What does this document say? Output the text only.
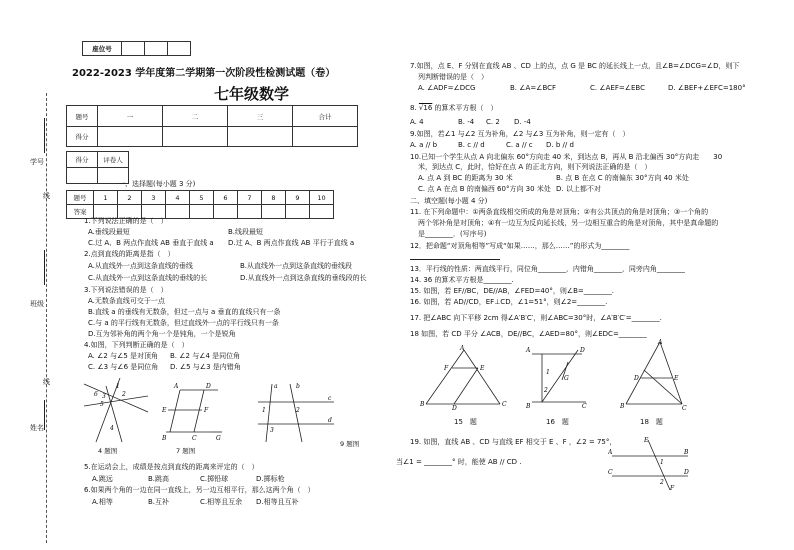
座位号			
2022-2023 学年度第二学期第一次阶段性检测试题（卷）
七年级数学
学号
线
班级
线
姓名
题号	一	二	三	合计
得分				
得分	评卷人

一、选择题(每小题 3 分)
题号	1	2	3	4	5	6	7	8	9	10
答案										
1.下列说法正确的是（　）
A.垂线段最短	B.线段最短
C.过 A、B 两点作直线 AB 垂直于直线 a D.过 A、B 两点作直线 AB 平行于直线 a
2.点到直线的距离是指（　）
A.从直线外一点到这条直线的垂线	B.从直线外一点到这条直线的垂线段
C.从直线外一点到这条直线的垂线的长	D.从直线外一点到这条直线的垂线段的长
3.下列说法错误的是（　）
A.无数条直线可交于一点
B.直线 a 的垂线有无数条，但过一点与 a 垂直的直线只有一条
C.与 a 的平行线有无数条，但过直线外一点的平行线只有一条
D.互为邻补角的两个角一个是钝角，一个是锐角
4.如图，下列判断正确的是（　）
A. ∠2 与∠5 是对顶角 B. ∠2 与∠4 是同位角
C. ∠3 与∠6 是同位角 D. ∠5 与∠3 是内错角
1
2
3
6
5
4
4 题图
A	D
E	F
B	C	G
7 题图
a	b
c
d
1	2
3
9 题图
5.在运动会上，成绩是按点到直线的距离来评定的（　）
A.跳远	B.跳高	C.掷铅球	D.掷标枪
6.如果两个角的一边在同一直线上，另一边互相平行，那么这两个角（　）
A.相等	B.互补	C.相等且互余 D.相等且互补
7.如图，点 E、F 分别在直线 AB 、CD 上的点，点 G 是 BC 的延长线上一点，且∠B=∠DCG=∠D，则下
列判断错误的是（　）
A. ∠ADF=∠DCG	B. ∠A=∠BCF	C. ∠AEF=∠EBC	D. ∠BEF+∠EFC=180°
8. √16 的算术平方根（　）
A. 4	B. -4 C. 2 D. -4
9.如图，若∠1 与∠2 互为补角，∠2 与∠3 互为补角，则一定有（　）
A. a // b	B. c // d	C. a // c D. b // d
10.已知一个学生从点 A 向北偏东 60°方向走 40 米，到达点 B，再从 B 沿北偏西 30°方向走　　30
米，到达点 C，此时，恰好在点 A 的正北方向，则下列说法正确的是（　）
A. 点 A 到 BC 的距离为 30 米	B. 点 B 在点 C 的南偏东 30°方向 40 米处
C. 点 A 在点 B 的南偏西 60°方向 30 米处 D. 以上都不对
二、填空题(每小题 4 分)
11. 在下列命题中：①两条直线相交所成的角是对顶角；②有公共顶点的角是对顶角；③一个角的
两个邻补角是对顶角；④有一边互为反向延长线，另一边相互重合的角是对顶角，其中是真命题的
是________．(写序号)
12．把命题“对顶角相等”写成“如果……，那么……”的形式为________
13．平行线的性质：两直线平行，同位角________，内错角________，同旁内角________
14. 36 的算术平方根是________.
15. 如图，若 EF//BC，DE//AB，∠FED=40°，则∠B=________.
16. 如图，若 AD//CD，EF⊥CD，∠1=51°，则∠2=________.
17. 把∠ABC 向下平移 2cm 得∠A′B′C′，则∠ABC=30°时，∠A′B′C′=________.
18 如图，若 CD 平分 ∠ACB，DE//BC，∠AED=80°，则∠EDC=________
A
F	E
B
D
C
15　题
A	D
1
2
G
B	C
16　题
A
D	E
B	C
18　题
19. 如图，直线 AB 、CD 与直线 EF 相交于 E 、F ，∠2 = 75°，
当∠1 = ________° 时，能使 AB // CD .
E
A	B
C	D
1
2
F
